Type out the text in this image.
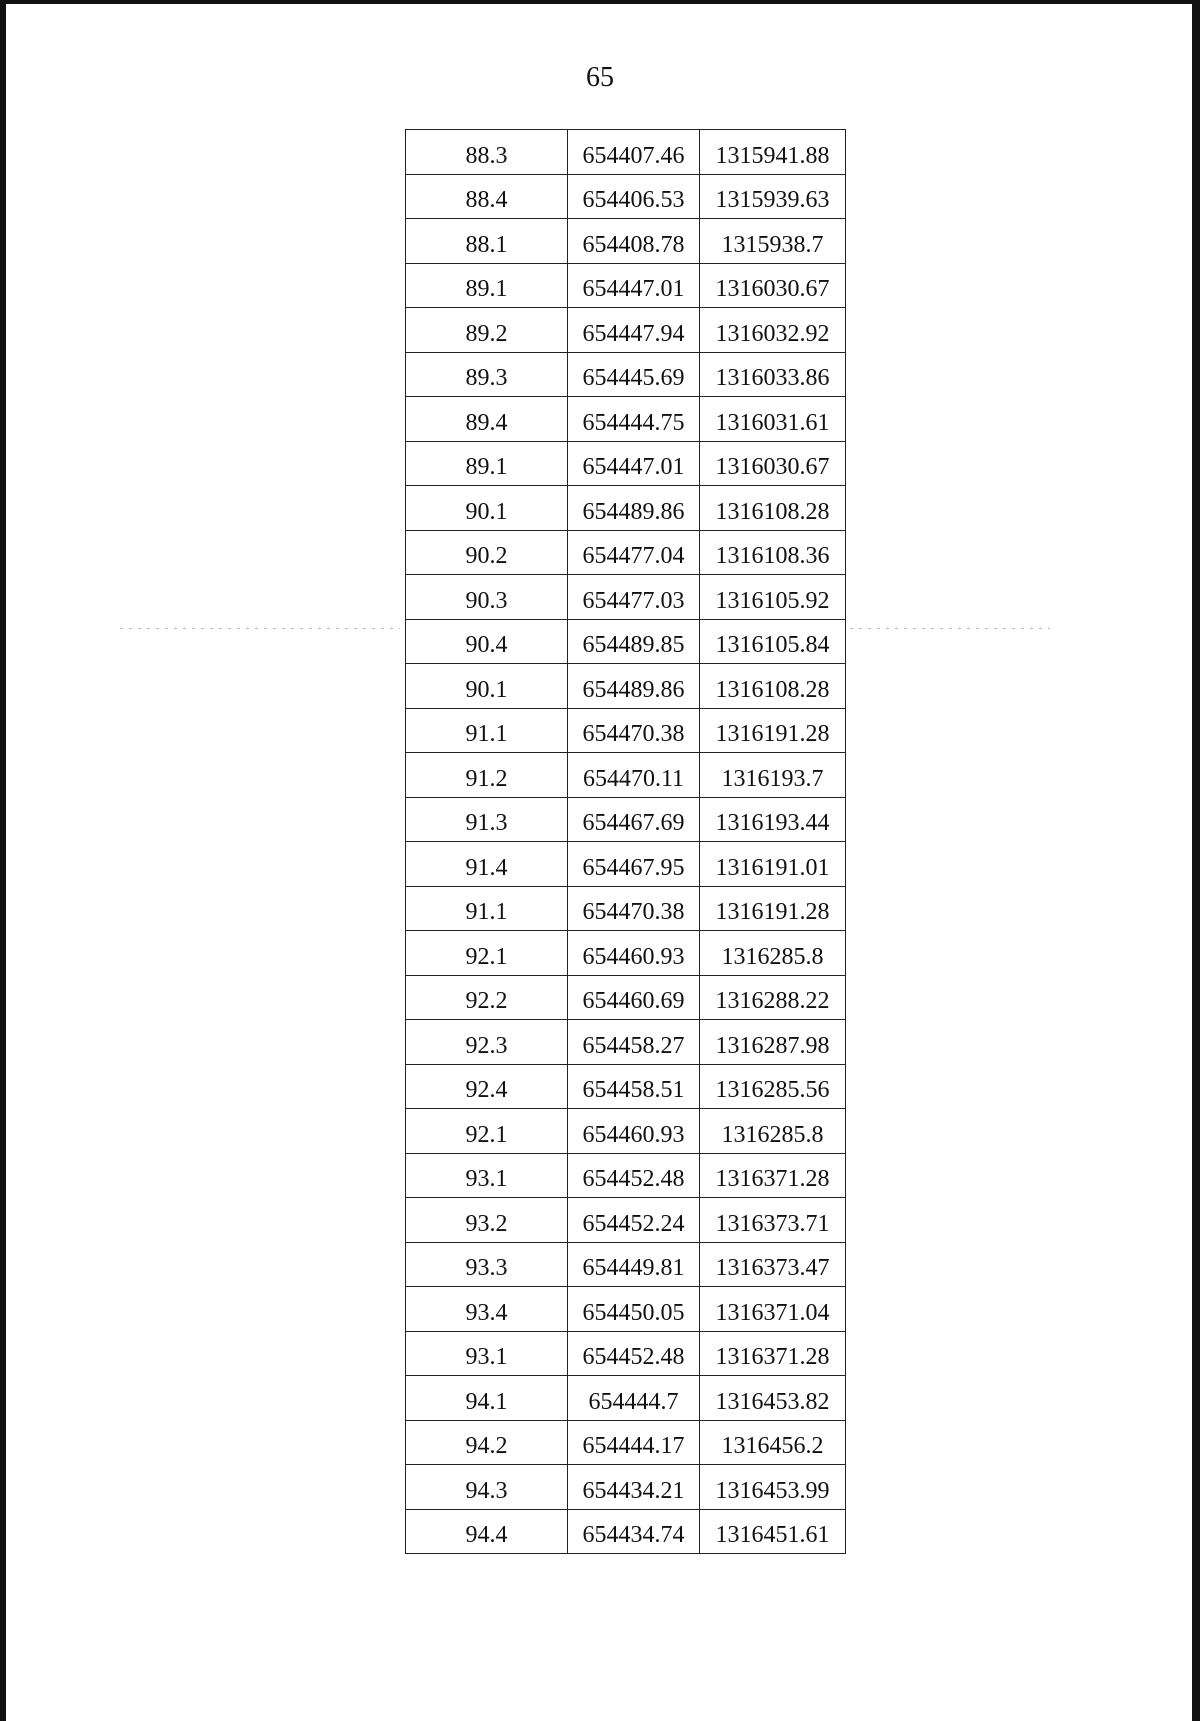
65
88.3	654407.46	1315941.88
88.4	654406.53	1315939.63
88.1	654408.78	1315938.7
89.1	654447.01	1316030.67
89.2	654447.94	1316032.92
89.3	654445.69	1316033.86
89.4	654444.75	1316031.61
89.1	654447.01	1316030.67
90.1	654489.86	1316108.28
90.2	654477.04	1316108.36
90.3	654477.03	1316105.92
90.4	654489.85	1316105.84
90.1	654489.86	1316108.28
91.1	654470.38	1316191.28
91.2	654470.11	1316193.7
91.3	654467.69	1316193.44
91.4	654467.95	1316191.01
91.1	654470.38	1316191.28
92.1	654460.93	1316285.8
92.2	654460.69	1316288.22
92.3	654458.27	1316287.98
92.4	654458.51	1316285.56
92.1	654460.93	1316285.8
93.1	654452.48	1316371.28
93.2	654452.24	1316373.71
93.3	654449.81	1316373.47
93.4	654450.05	1316371.04
93.1	654452.48	1316371.28
94.1	654444.7	1316453.82
94.2	654444.17	1316456.2
94.3	654434.21	1316453.99
94.4	654434.74	1316451.61
